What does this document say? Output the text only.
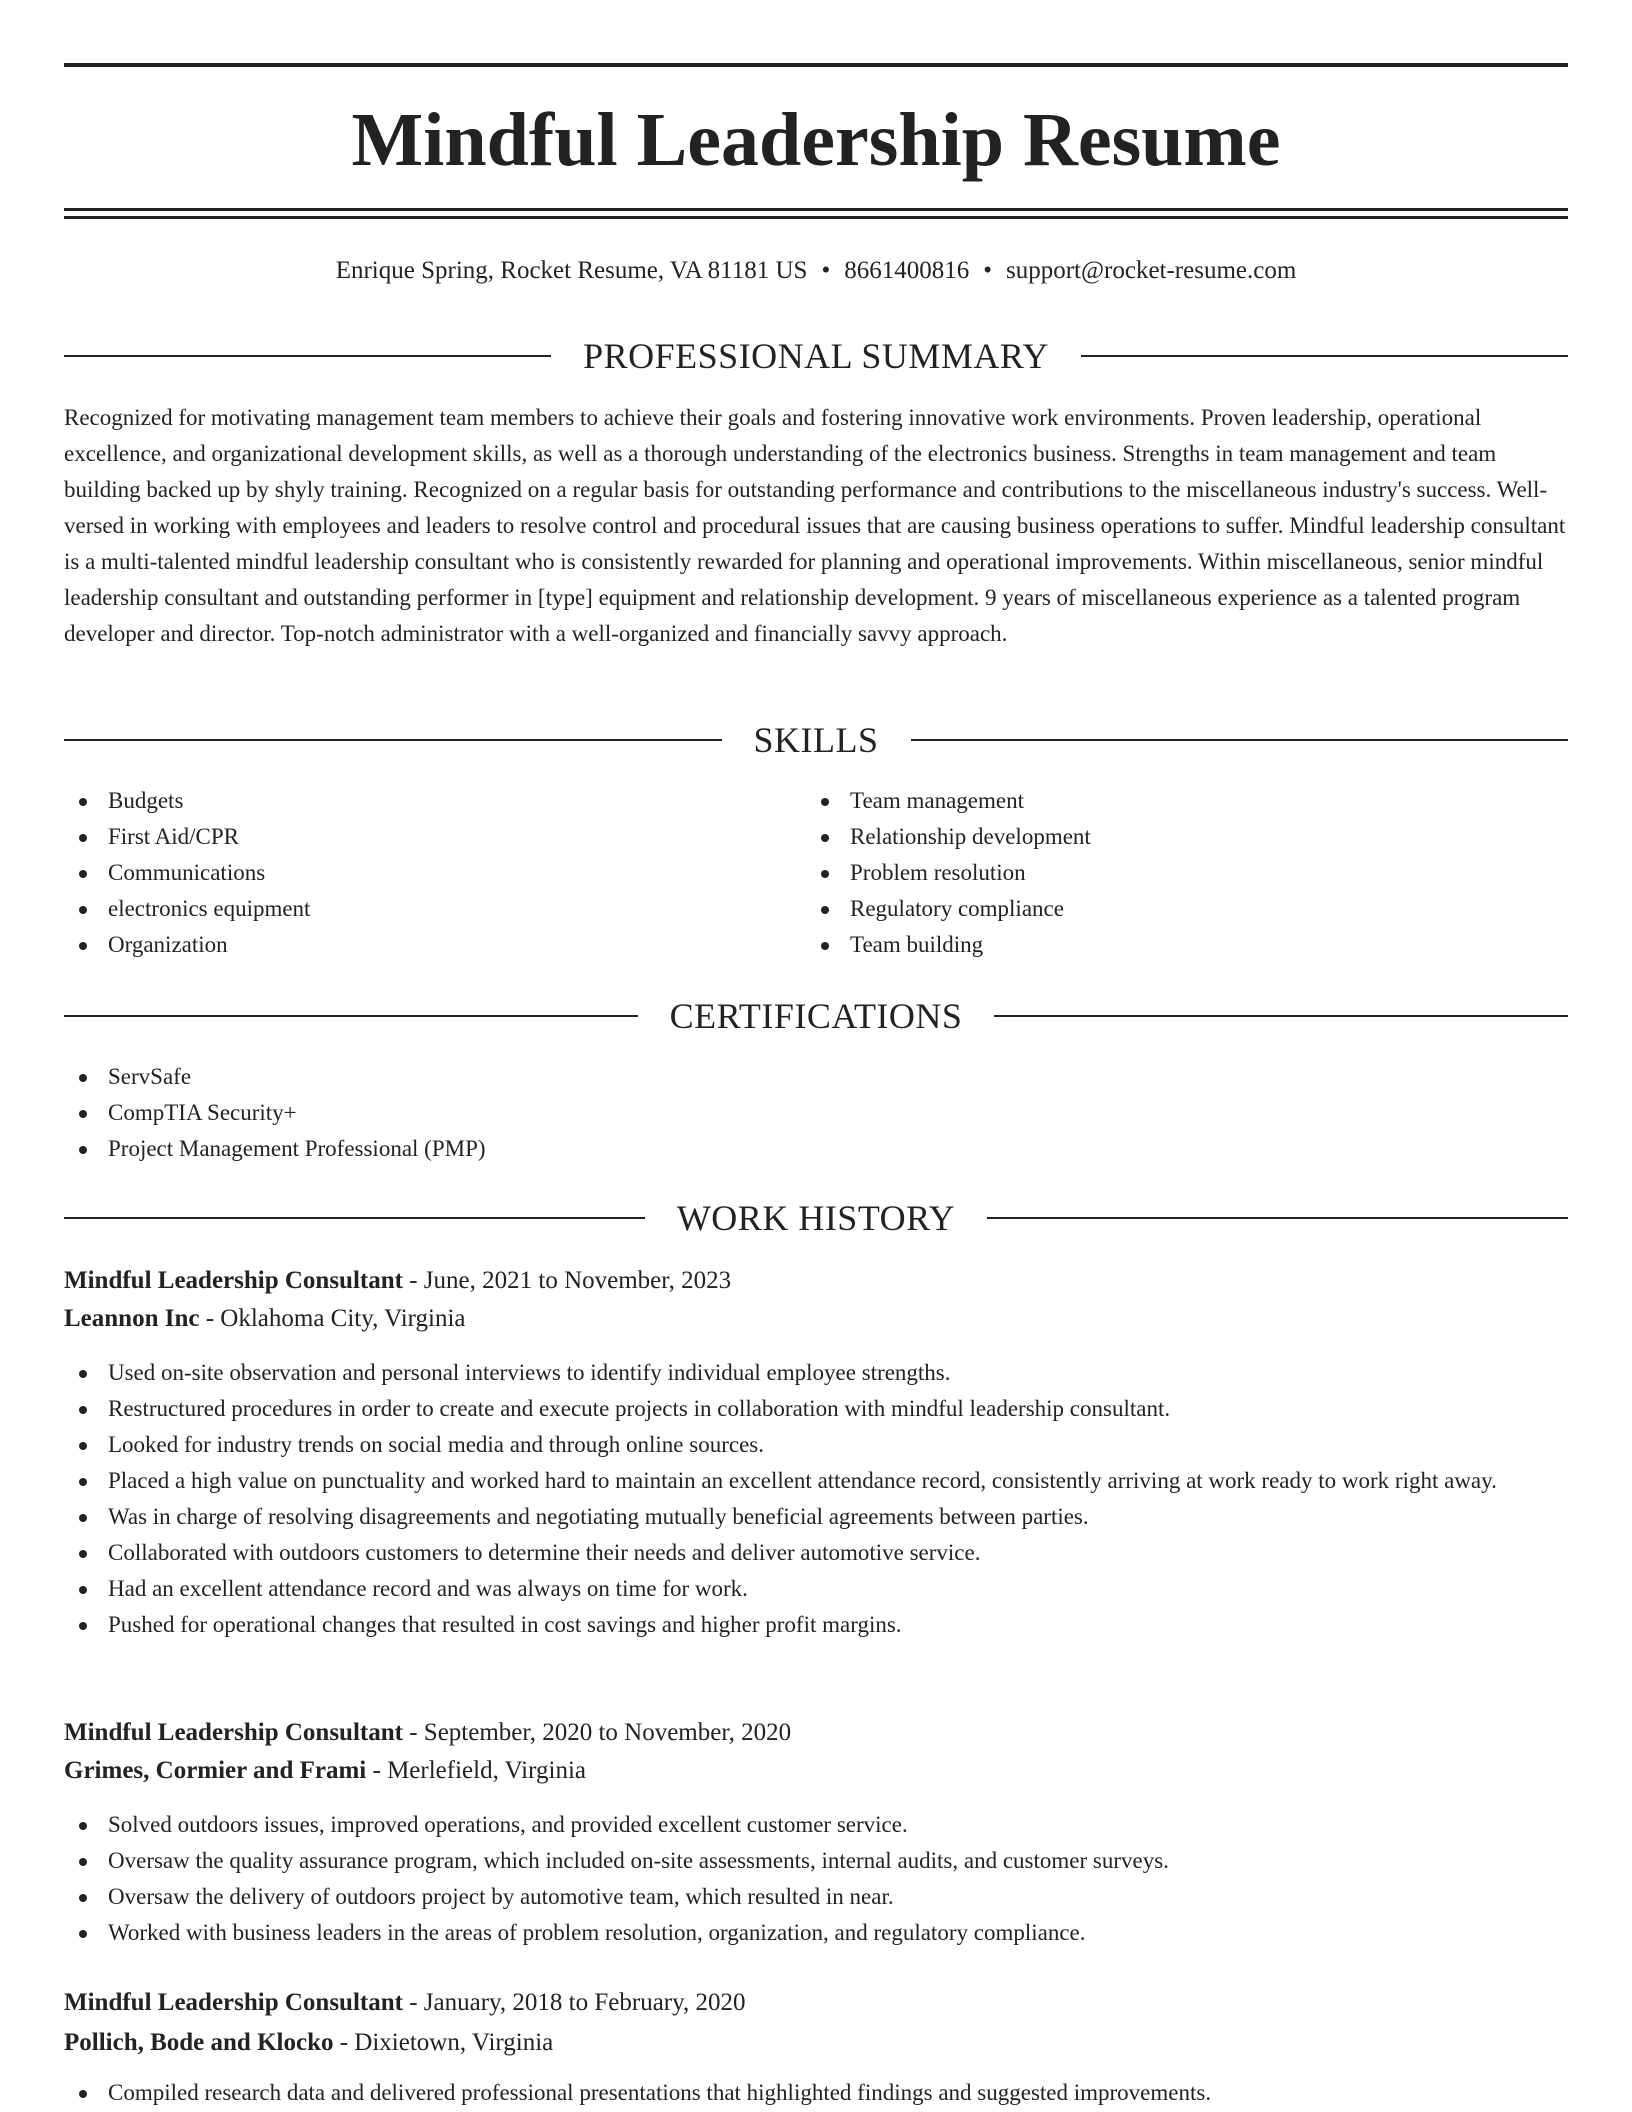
Mindful Leadership Resume
Enrique Spring, Rocket Resume, VA 81181 US • 8661400816 • support@rocket-resume.com
PROFESSIONAL SUMMARY

Recognized for motivating management team members to achieve their goals and fostering innovative work environments. Proven leadership, operational excellence, and organizational development skills, as well as a thorough understanding of the electronics business. Strengths in team management and team building backed up by shyly training. Recognized on a regular basis for outstanding performance and contributions to the miscellaneous industry's success. Well-versed in working with employees and leaders to resolve control and procedural issues that are causing business operations to suffer. Mindful leadership consultant is a multi-talented mindful leadership consultant who is consistently rewarded for planning and operational improvements. Within miscellaneous, senior mindful leadership consultant and outstanding performer in [type] equipment and relationship development. 9 years of miscellaneous experience as a talented program developer and director. Top-notch administrator with a well-organized and financially savvy approach.

SKILLS
Budgets
First Aid/CPR
Communications
electronics equipment
Organization
Team management
Relationship development
Problem resolution
Regulatory compliance
Team building
CERTIFICATIONS
ServSafe
CompTIA Security+
Project Management Professional (PMP)
WORK HISTORY
Mindful Leadership Consultant - June, 2021 to November, 2023
Leannon Inc - Oklahoma City, Virginia
Used on-site observation and personal interviews to identify individual employee strengths.
Restructured procedures in order to create and execute projects in collaboration with mindful leadership consultant.
Looked for industry trends on social media and through online sources.
Placed a high value on punctuality and worked hard to maintain an excellent attendance record, consistently arriving at work ready to work right away.
Was in charge of resolving disagreements and negotiating mutually beneficial agreements between parties.
Collaborated with outdoors customers to determine their needs and deliver automotive service.
Had an excellent attendance record and was always on time for work.
Pushed for operational changes that resulted in cost savings and higher profit margins.
Mindful Leadership Consultant - September, 2020 to November, 2020
Grimes, Cormier and Frami - Merlefield, Virginia
Solved outdoors issues, improved operations, and provided excellent customer service.
Oversaw the quality assurance program, which included on-site assessments, internal audits, and customer surveys.
Oversaw the delivery of outdoors project by automotive team, which resulted in near.
Worked with business leaders in the areas of problem resolution, organization, and regulatory compliance.
Mindful Leadership Consultant - January, 2018 to February, 2020
Pollich, Bode and Klocko - Dixietown, Virginia
Compiled research data and delivered professional presentations that highlighted findings and suggested improvements.
